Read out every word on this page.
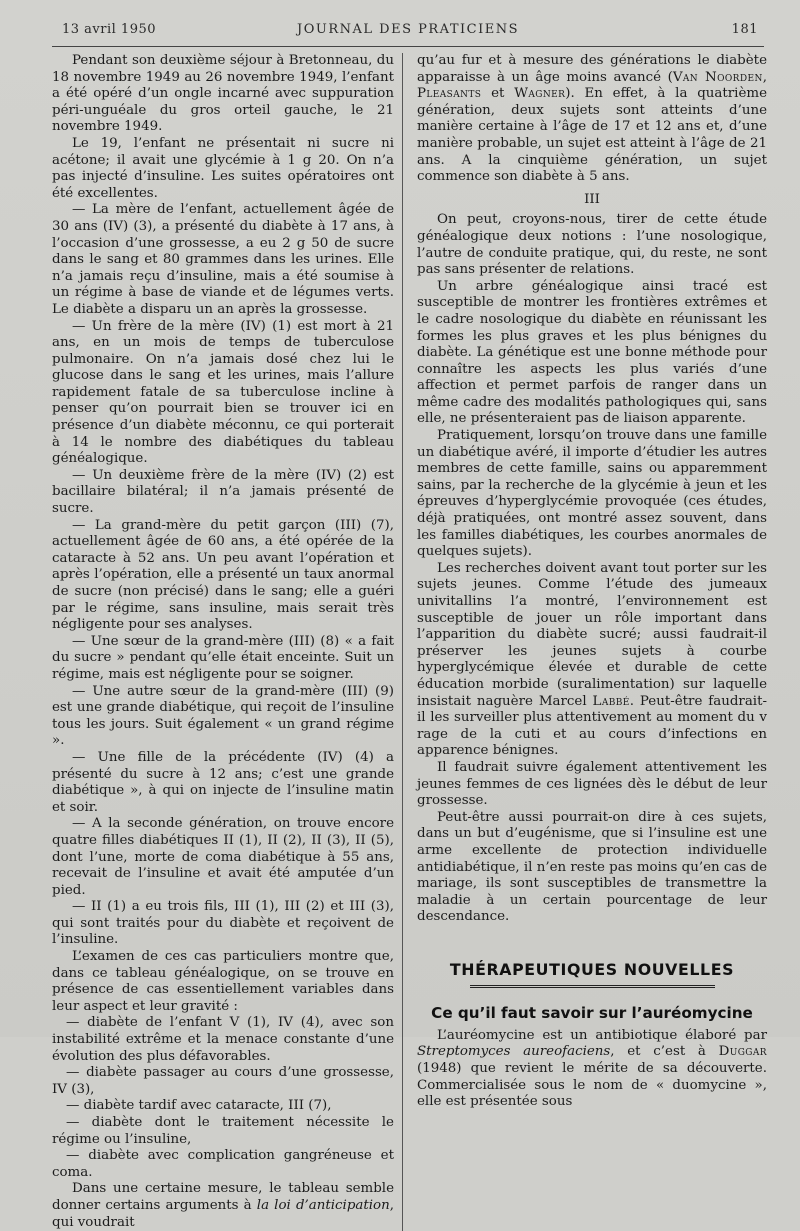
13 avril 1950	JOURNAL DES PRATICIENS	181

Pendant son deuxième séjour à Bretonneau, du 18 novembre 1949 au 26 novembre 1949, l’enfant a été opéré d’un ongle incarné avec suppuration péri-unguéale du gros orteil gauche, le 21 novembre 1949.

Le 19, l’enfant ne présentait ni sucre ni acétone; il avait une glycémie à 1 g 20. On n’a pas injecté d’insuline. Les suites opératoires ont été excellentes.

— La mère de l’enfant, actuellement âgée de 30 ans (IV) (3), a présenté du diabète à 17 ans, à l’occasion d’une grossesse, a eu 2 g 50 de sucre dans le sang et 80 grammes dans les urines. Elle n’a jamais reçu d’insuline, mais a été soumise à un régime à base de viande et de légumes verts. Le diabète a disparu un an après la grossesse.

— Un frère de la mère (IV) (1) est mort à 21 ans, en un mois de temps de tuberculose pulmonaire. On n’a jamais dosé chez lui le glucose dans le sang et les urines, mais l’allure rapidement fatale de sa tuberculose incline à penser qu’on pourrait bien se trouver ici en présence d’un diabète méconnu, ce qui porterait à 14 le nombre des diabétiques du tableau généalogique.

— Un deuxième frère de la mère (IV) (2) est bacillaire bilatéral; il n’a jamais présenté de sucre.

— La grand-mère du petit garçon (III) (7), actuellement âgée de 60 ans, a été opérée de la cataracte à 52 ans. Un peu avant l’opération et après l’opération, elle a présenté un taux anormal de sucre (non précisé) dans le sang; elle a guéri par le régime, sans insuline, mais serait très négligente pour ses analyses.

— Une sœur de la grand-mère (III) (8) « a fait du sucre » pendant qu’elle était enceinte. Suit un régime, mais est négligente pour se soigner.

— Une autre sœur de la grand-mère (III) (9) est une grande diabétique, qui reçoit de l’insuline tous les jours. Suit également « un grand régime ».

— Une fille de la précédente (IV) (4) a présenté du sucre à 12 ans; c’est une grande diabétique », à qui on injecte de l’insuline matin et soir.

— A la seconde génération, on trouve encore quatre filles diabétiques II (1), II (2), II (3), II (5), dont l’une, morte de coma diabétique à 55 ans, recevait de l’insuline et avait été amputée d’un pied.

— II (1) a eu trois fils, III (1), III (2) et III (3), qui sont traités pour du diabète et reçoivent de l’insuline.

L’examen de ces cas particuliers montre que, dans ce tableau généalogique, on se trouve en présence de cas essentiellement variables dans leur aspect et leur gravité :

— diabète de l’enfant V (1), IV (4), avec son instabilité extrême et la menace constante d’une évolution des plus défavorables.
— diabète passager au cours d’une grossesse, IV (3),
— diabète tardif avec cataracte, III (7),
— diabète dont le traitement nécessite le régime ou l’insuline,
— diabète avec complication gangréneuse et coma.

Dans une certaine mesure, le tableau semble donner certains arguments à la loi d’anticipation, qui voudrait

qu’au fur et à mesure des générations le diabète apparaisse à un âge moins avancé (Van Noorden, Pleasants et Wagner). En effet, à la quatrième génération, deux sujets sont atteints d’une manière certaine à l’âge de 17 et 12 ans et, d’une manière probable, un sujet est atteint à l’âge de 21 ans. A la cinquième génération, un sujet commence son diabète à 5 ans.

III

On peut, croyons-nous, tirer de cette étude généalogique deux notions : l’une nosologique, l’autre de conduite pratique, qui, du reste, ne sont pas sans présenter de relations.

Un arbre généalogique ainsi tracé est susceptible de montrer les frontières extrêmes et le cadre nosologique du diabète en réunissant les formes les plus graves et les plus bénignes du diabète. La génétique est une bonne méthode pour connaître les aspects les plus variés d’une affection et permet parfois de ranger dans un même cadre des modalités pathologiques qui, sans elle, ne présenteraient pas de liaison apparente.

Pratiquement, lorsqu’on trouve dans une famille un diabétique avéré, il importe d’étudier les autres membres de cette famille, sains ou apparemment sains, par la recherche de la glycémie à jeun et les épreuves d’hyperglycémie provoquée (ces études, déjà pratiquées, ont montré assez souvent, dans les familles diabétiques, les courbes anormales de quelques sujets).

Les recherches doivent avant tout porter sur les sujets jeunes. Comme l’étude des jumeaux univitallins l’a montré, l’environnement est susceptible de jouer un rôle important dans l’apparition du diabète sucré; aussi faudrait-il préserver les jeunes sujets à courbe hyperglycémique élevée et durable de cette éducation morbide (suralimentation) sur laquelle insistait naguère Marcel Labbé. Peut-être faudrait-il les surveiller plus attentivement au moment du v rage de la cuti et au cours d’infections en apparence bénignes.

Il faudrait suivre également attentivement les jeunes femmes de ces lignées dès le début de leur grossesse.

Peut-être aussi pourrait-on dire à ces sujets, dans un but d’eugénisme, que si l’insuline est une arme excellente de protection individuelle antidiabétique, il n’en reste pas moins qu’en cas de mariage, ils sont susceptibles de transmettre la maladie à un certain pourcentage de leur descendance.

THÉRAPEUTIQUES NOUVELLES
Ce qu’il faut savoir sur l’auréomycine

L’auréomycine est un antibiotique élaboré par Streptomyces aureofaciens, et c’est à Duggar (1948) que revient le mérite de sa découverte. Commercialisée sous le nom de « duomycine », elle est présentée sous
